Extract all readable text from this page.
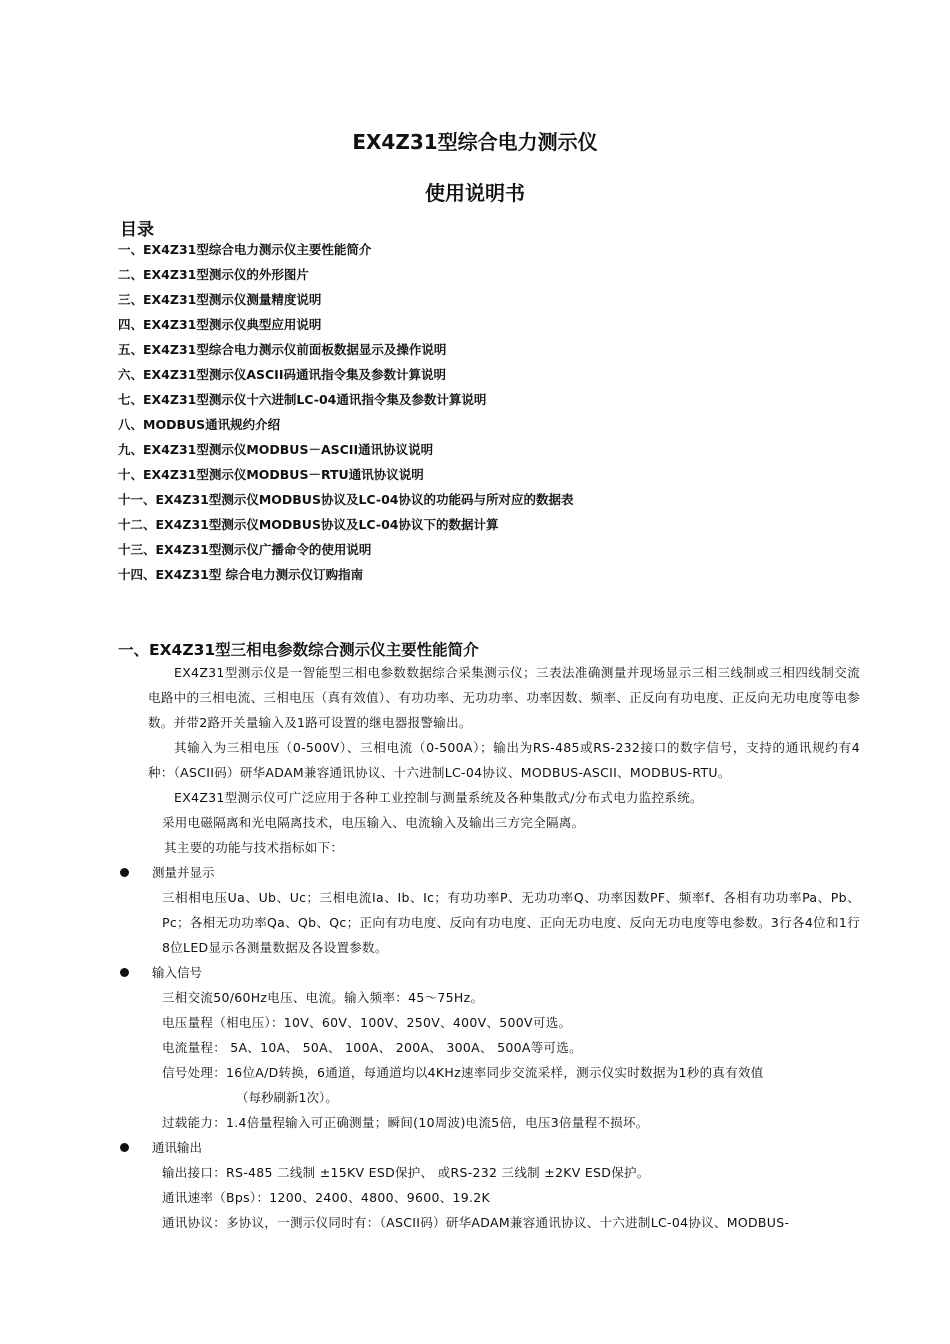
EX4Z31型综合电力测示仪
使用说明书
目录
一、EX4Z31型综合电力测示仪主要性能简介
二、EX4Z31型测示仪的外形图片
三、EX4Z31型测示仪测量精度说明
四、EX4Z31型测示仪典型应用说明
五、EX4Z31型综合电力测示仪前面板数据显示及操作说明
六、EX4Z31型测示仪ASCII码通讯指令集及参数计算说明
七、EX4Z31型测示仪十六进制LC-04通讯指令集及参数计算说明
八、MODBUS通讯规约介绍
九、EX4Z31型测示仪MODBUS－ASCII通讯协议说明
十、EX4Z31型测示仪MODBUS－RTU通讯协议说明
十一、EX4Z31型测示仪MODBUS协议及LC-04协议的功能码与所对应的数据表
十二、EX4Z31型测示仪MODBUS协议及LC-04协议下的数据计算
十三、EX4Z31型测示仪广播命令的使用说明
十四、EX4Z31型 综合电力测示仪订购指南
一、EX4Z31型三相电参数综合测示仪主要性能简介

EX4Z31型测示仪是一智能型三相电参数数据综合采集测示仪；三表法准确测量并现场显示三相三线制或三相四线制交流电路中的三相电流、三相电压（真有效值）、有功功率、无功功率、功率因数、频率、正反向有功电度、正反向无功电度等电参数。并带2路开关量输入及1路可设置的继电器报警输出。

其输入为三相电压（0-500V）、三相电流（0-500A）；输出为RS-485或RS-232接口的数字信号，支持的通讯规约有4种：（ASCII码）研华ADAM兼容通讯协议、十六进制LC-04协议、MODBUS-ASCII、MODBUS-RTU。

EX4Z31型测示仪可广泛应用于各种工业控制与测量系统及各种集散式/分布式电力监控系统。

采用电磁隔离和光电隔离技术，电压输入、电流输入及输出三方完全隔离。

其主要的功能与技术指标如下：

测量并显示

三相相电压Ua、Ub、Uc；三相电流Ia、Ib、Ic；有功功率P、无功功率Q、功率因数PF、频率f、各相有功功率Pa、Pb、Pc；各相无功功率Qa、Qb、Qc；正向有功电度、反向有功电度、正向无功电度、反向无功电度等电参数。3行各4位和1行8位LED显示各测量数据及各设置参数。

输入信号

三相交流50/60Hz电压、电流。输入频率：45～75Hz。

电压量程（相电压）：10V、60V、100V、250V、400V、500V可选。

电流量程： 5A、10A、 50A、 100A、 200A、 300A、 500A等可选。

信号处理：16位A/D转换，6通道，每通道均以4KHz速率同步交流采样，测示仪实时数据为1秒的真有效值

（每秒刷新1次）。

过载能力：1.4倍量程输入可正确测量；瞬间(10周波)电流5倍，电压3倍量程不损坏。

通讯输出

输出接口：RS-485 二线制 ±15KV ESD保护、 或RS-232 三线制 ±2KV ESD保护。

通讯速率（Bps）：1200、2400、4800、9600、19.2K

通讯协议：多协议，一测示仪同时有：（ASCII码）研华ADAM兼容通讯协议、十六进制LC-04协议、MODBUS-
